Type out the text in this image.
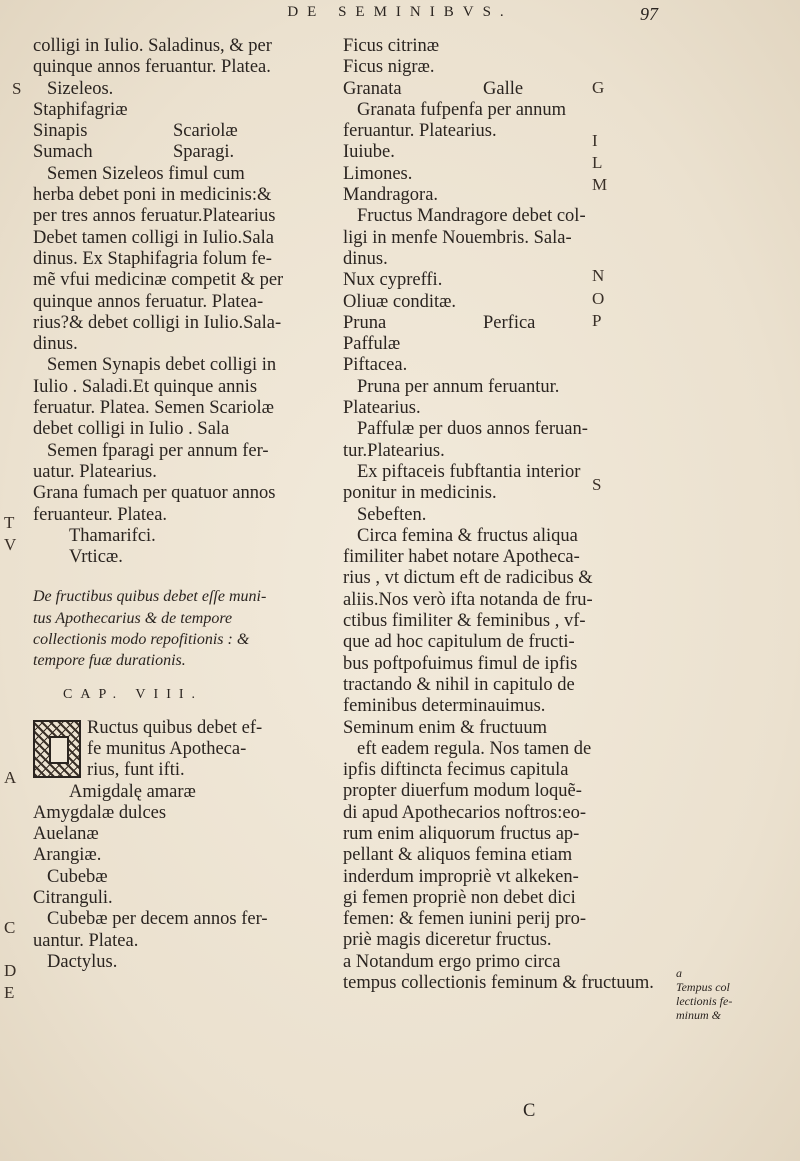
DE SEMINIBVS.	97
colligi in Iulio. Saladinus, & per
quinque annos feruantur. Platea.
Sizeleos.
Staphifagriæ
Sinapis	Scariolæ
Sumach	Sparagi.
Semen Sizeleos fimul cum
herba debet poni in medicinis:&
per tres annos feruatur.Platearius
Debet tamen colligi in Iulio.Sala
dinus. Ex Staphifagria folum fe-
mẽ vfui medicinæ competit & per
quinque annos feruatur. Platea-
rius?& debet colligi in Iulio.Sala-
dinus.
Semen Synapis debet colligi in
Iulio . Saladi.Et quinque annis
feruatur. Platea. Semen Scariolæ
debet colligi in Iulio . Sala
Semen fparagi per annum fer-
uatur. Platearius.
Grana fumach per quatuor annos
feruanteur. Platea.
Thamarifci.
Vrticæ.
De fructibus quibus debet eſſe muni-
tus Apothecarius & de tempore
collectionis modo repofitionis : &
tempore fuæ durationis.
CAP. VIII.
Ructus quibus debet ef-
fe munitus Apotheca-
rius, funt ifti.
Amigdalę amaræ
Amygdalæ dulces
Auelanæ
Arangiæ.
Cubebæ
Citranguli.
Cubebæ per decem annos fer-
uantur. Platea.
Dactylus.
S
T
V
A
C
D
E
Ficus citrinæ
Ficus nigræ.
Granata	Galle
Granata fufpenfa per annum
feruantur. Platearius.
Iuiube.
Limones.
Mandragora.
Fructus Mandragore debet col-
ligi in menfe Nouembris. Sala-
dinus.
Nux cypreffi.
Oliuæ conditæ.
Pruna	Perfica
Paffulæ
Piftacea.
Pruna per annum feruantur.
Platearius.
Paffulæ per duos annos feruan-
tur.Platearius.
Ex piftaceis fubftantia interior
ponitur in medicinis.
Sebeften.
Circa femina & fructus aliqua
fimiliter habet notare Apotheca-
rius , vt dictum eft de radicibus &
aliis.Nos verò ifta notanda de fru-
ctibus fimiliter & feminibus , vf-
que ad hoc capitulum de fructi-
bus poftpofuimus fimul de ipfis
tractando & nihil in capitulo de
feminibus determinauimus.
Seminum enim & fructuum
eft eadem regula. Nos tamen de
ipfis diftincta fecimus capitula
propter diuerfum modum loquẽ-
di apud Apothecarios noftros:eo-
rum enim aliquorum fructus ap-
pellant & aliquos femina etiam
inderdum impropriè vt alkeken-
gi femen propriè non debet dici
femen: & femen iunini perij pro-
priè magis diceretur fructus.
a Notandum ergo primo circa
tempus collectionis feminum & fructuum.
C
G
I
L
M
N
O
P
S
a
Tempus col
lectionis fe-
minum &
